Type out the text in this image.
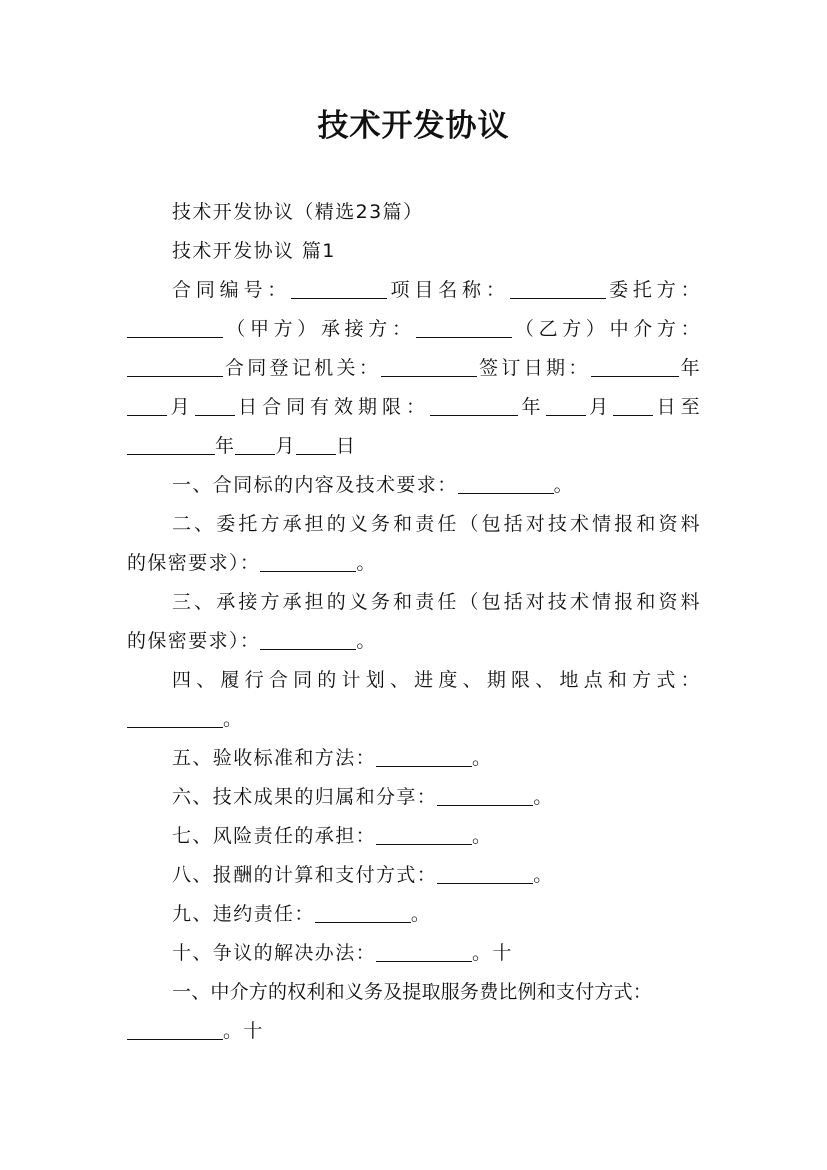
技术开发协议
技术开发协议（精选23篇）
技术开发协议 篇1
合同编号：	项目名称：	委托方：
（甲方）承接方：	（乙方）中介方：
合同登记机关：	签订日期：	年
月 日合同有效期限：	年 月 日至
年 月 日
一、合同标的内容及技术要求：	。
二、委托方承担的义务和责任（包括对技术情报和资料
的保密要求）：	。
三、承接方承担的义务和责任（包括对技术情报和资料
的保密要求）：	。
四、履行合同的计划、进度、期限、地点和方式：
。
五、验收标准和方法：	。
六、技术成果的归属和分享：	。
七、风险责任的承担：	。
八、报酬的计算和支付方式：	。
九、违约责任：	。
十、争议的解决办法：	。十
一、中介方的权利和义务及提取服务费比例和支付方式：
。十
